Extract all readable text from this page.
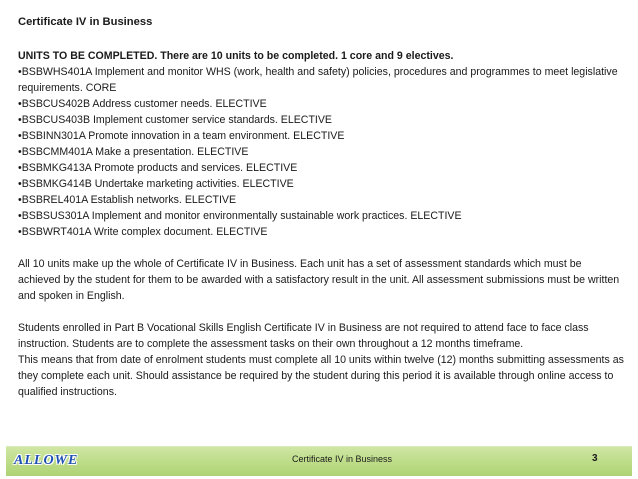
Certificate IV in Business
UNITS TO BE COMPLETED. There are 10 units to be completed. 1 core and 9 electives.
•BSBWHS401A Implement and monitor WHS (work, health and safety) policies, procedures and programmes to meet legislative requirements. CORE
•BSBCUS402B Address customer needs. ELECTIVE
•BSBCUS403B Implement customer service standards. ELECTIVE
•BSBINN301A Promote innovation in a team environment. ELECTIVE
•BSBCMM401A Make a presentation. ELECTIVE
•BSBMKG413A Promote products and services. ELECTIVE
•BSBMKG414B Undertake marketing activities. ELECTIVE
•BSBREL401A Establish networks. ELECTIVE
•BSBSUS301A Implement and monitor environmentally sustainable work practices. ELECTIVE
•BSBWRT401A Write complex document. ELECTIVE

All 10 units make up the whole of Certificate IV in Business. Each unit has a set of assessment standards which must be achieved by the student for them to be awarded with a satisfactory result in the unit. All assessment submissions must be written and spoken in English.

Students enrolled in Part B Vocational Skills English Certificate IV in Business are not required to attend face to face class instruction. Students are to complete the assessment tasks on their own throughout a 12 months timeframe.

This means that from date of enrolment students must complete all 10 units within twelve (12) months submitting assessments as they complete each unit. Should assistance be required by the student during this period it is available through online access to qualified instructions.

ALLOWE	Certificate IV in Business	3
